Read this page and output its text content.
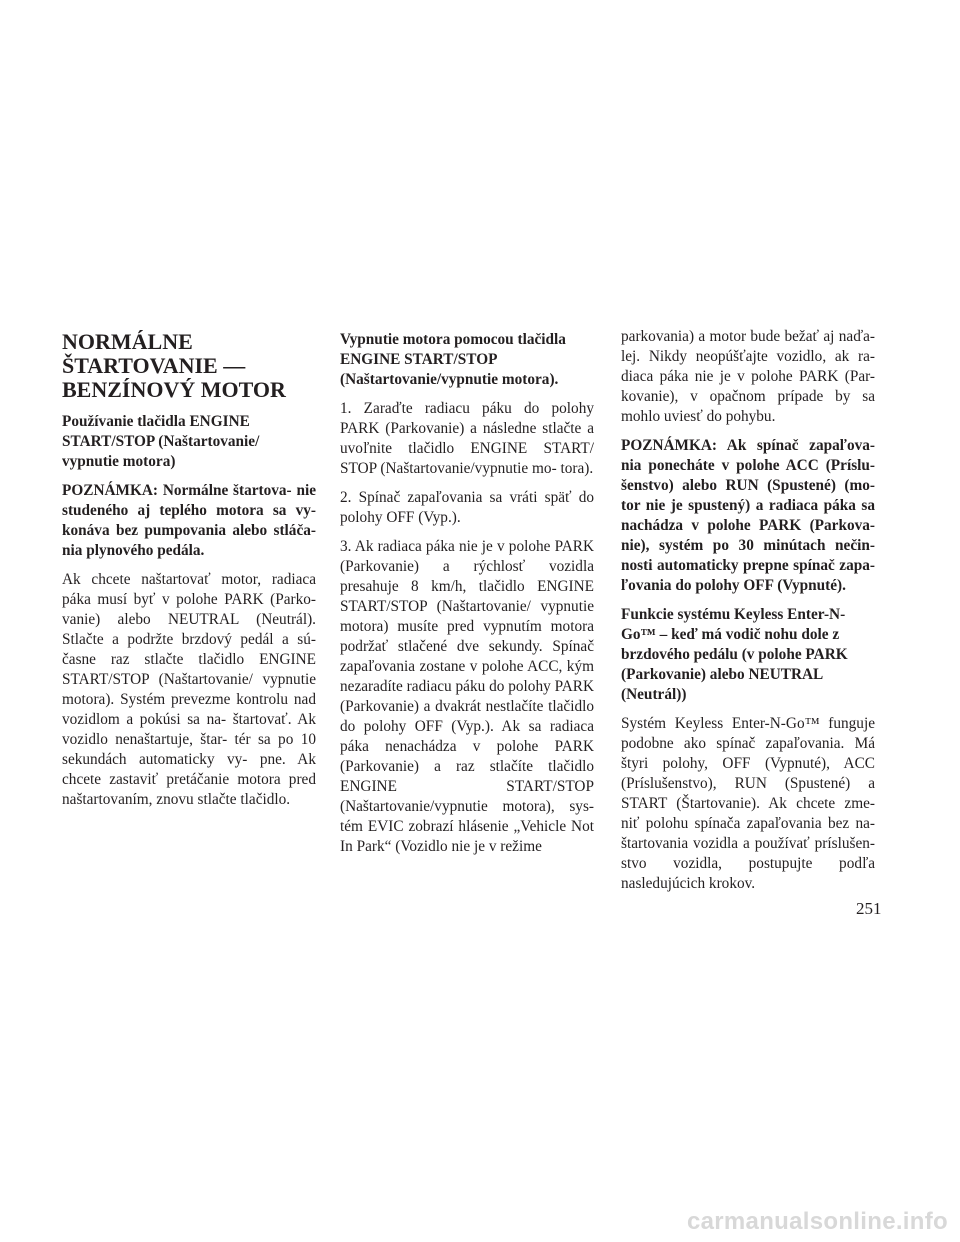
NORMÁLNE ŠTARTOVANIE — BENZÍNOVÝ MOTOR
Používanie tlačidla ENGINE START/STOP (Naštartovanie/ vypnutie motora)
POZNÁMKA: Normálne štartova- nie studeného aj teplého motora sa vy- konáva bez pumpovania alebo stláča- nia plynového pedála.
Ak chcete naštartovať motor, radiaca páka musí byť v polohe PARK (Parko- vanie) alebo NEUTRAL (Neutrál). Stlačte a podržte brzdový pedál a sú- časne raz stlačte tlačidlo ENGINE START/STOP (Naštartovanie/ vypnutie motora). Systém prevezme kontrolu nad vozidlom a pokúsi sa na- štartovať. Ak vozidlo nenaštartuje, štar- tér sa po 10 sekundách automaticky vy- pne. Ak chcete zastaviť pretáčanie motora pred naštartovaním, znovu stlačte tlačidlo.
Vypnutie motora pomocou tlačidla ENGINE START/STOP (Naštartovanie/vypnutie motora).
1. Zaraďte radiacu páku do polohy PARK (Parkovanie) a následne stlačte a uvoľnite tlačidlo ENGINE START/ STOP (Naštartovanie/vypnutie mo- tora).
2. Spínač zapaľovania sa vráti späť do polohy OFF (Vyp.).
3. Ak radiaca páka nie je v polohe PARK (Parkovanie) a rýchlosť vozidla presahuje 8 km/h, tlačidlo ENGINE START/STOP (Naštartovanie/ vypnutie motora) musíte pred vypnutím motora podržať stlačené dve sekundy. Spínač zapaľovania zostane v polohe ACC, kým nezaradíte radiacu páku do polohy PARK (Parkovanie) a dvakrát nestlačíte tlačidlo do polohy OFF (Vyp.). Ak sa radiaca páka nenachádza v polohe PARK (Parkovanie) a raz stlačíte tlačidlo ENGINE START/STOP (Naštartovanie/vypnutie motora), sys- tém EVIC zobrazí hlásenie „Vehicle Not In Park“ (Vozidlo nie je v režime
parkovania) a motor bude bežať aj naďa- lej. Nikdy neopúšťajte vozidlo, ak ra- diaca páka nie je v polohe PARK (Par- kovanie), v opačnom prípade by sa mohlo uviesť do pohybu.
POZNÁMKA: Ak spínač zapaľova- nia ponecháte v polohe ACC (Príslu- šenstvo) alebo RUN (Spustené) (mo- tor nie je spustený) a radiaca páka sa nachádza v polohe PARK (Parkova- nie), systém po 30 minútach nečin- nosti automaticky prepne spínač zapa- ľovania do polohy OFF (Vypnuté).
Funkcie systému Keyless Enter-N-Go™ – keď má vodič nohu dole z brzdového pedálu (v polohe PARK (Parkovanie) alebo NEUTRAL (Neutrál))
Systém Keyless Enter-N-Go™ funguje podobne ako spínač zapaľovania. Má štyri polohy, OFF (Vypnuté), ACC (Príslušenstvo), RUN (Spustené) a START (Štartovanie). Ak chcete zme- niť polohu spínača zapaľovania bez na- štartovania vozidla a používať príslušen- stvo vozidla, postupujte podľa nasledujúcich krokov.
251
carmanualsonline.info
